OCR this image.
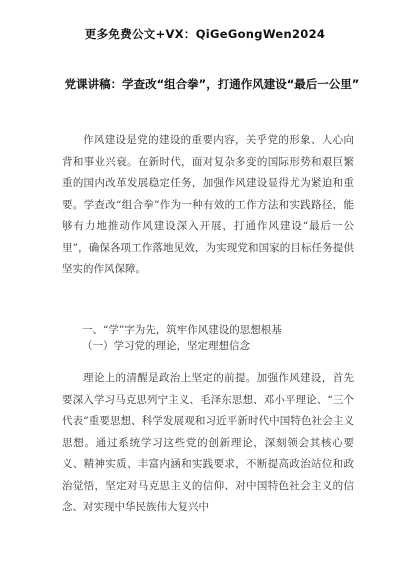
更多免费公文+VX：QiGeGongWen2024
党课讲稿：学查改“组合拳”，打通作风建设“最后一公里”

作风建设是党的建设的重要内容，关乎党的形象、人心向背和事业兴衰。在新时代，面对复杂多变的国际形势和艰巨繁重的国内改革发展稳定任务，加强作风建设显得尤为紧迫和重要。学查改“组合拳”作为一种有效的工作方法和实践路径，能够有力地推动作风建设深入开展，打通作风建设“最后一公里”，确保各项工作落地见效，为实现党和国家的目标任务提供坚实的作风保障。

一、“学”字为先，筑牢作风建设的思想根基
（一）学习党的理论，坚定理想信念

理论上的清醒是政治上坚定的前提。加强作风建设，首先要深入学习马克思列宁主义、毛泽东思想、邓小平理论、“三个代表”重要思想、科学发展观和习近平新时代中国特色社会主义思想。通过系统学习这些党的创新理论，深刻领会其核心要义、精神实质、丰富内涵和实践要求，不断提高政治站位和政治觉悟，坚定对马克思主义的信仰、对中国特色社会主义的信念、对实现中华民族伟大复兴中
